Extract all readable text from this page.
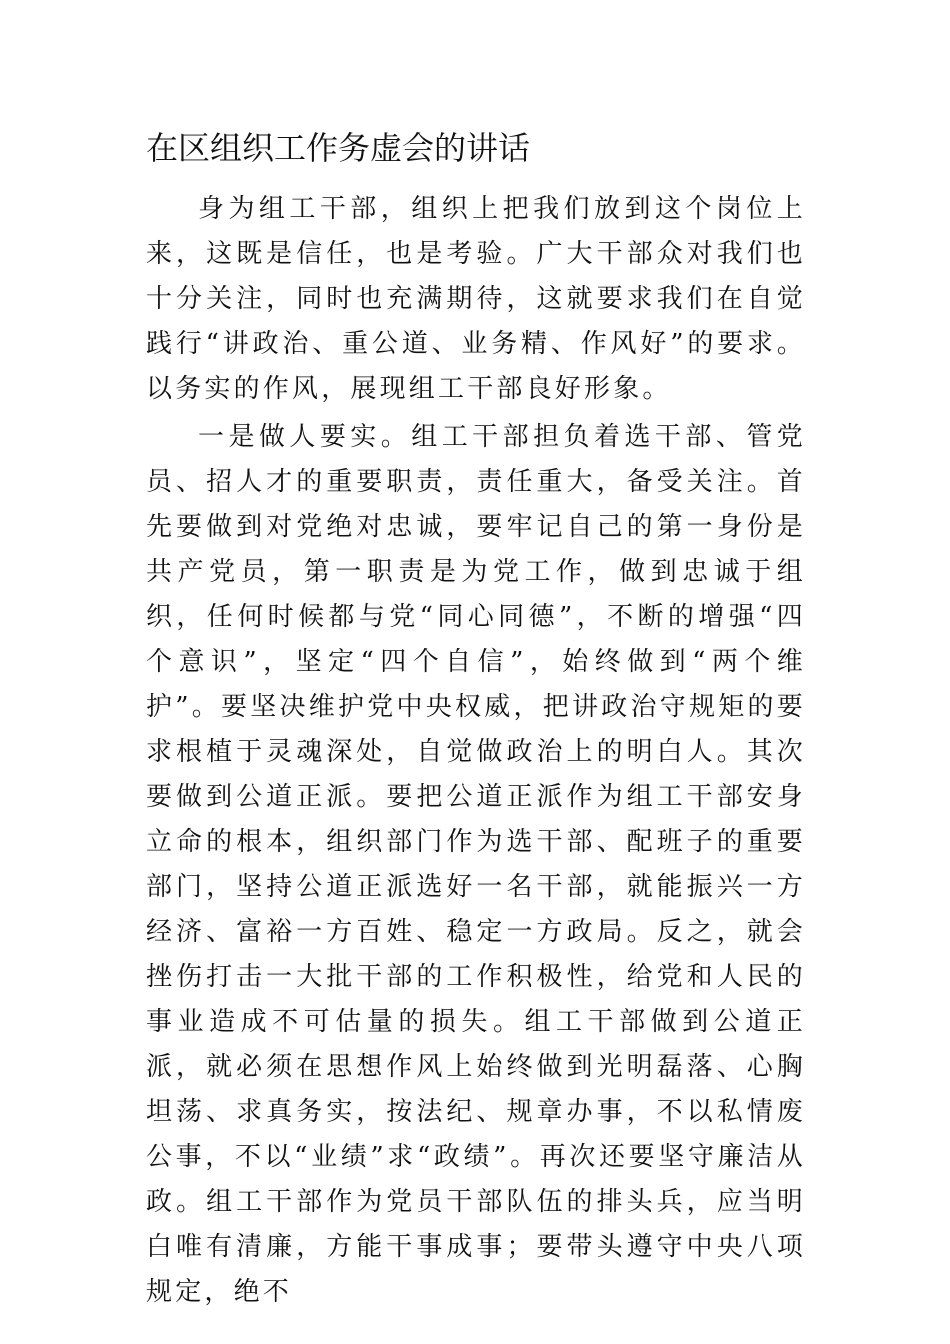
在区组织工作务虚会的讲话

身为组工干部，组织上把我们放到这个岗位上来，这既是信任，也是考验。广大干部众对我们也十分关注，同时也充满期待，这就要求我们在自觉践行“讲政治、重公道、业务精、作风好”的要求。以务实的作风，展现组工干部良好形象。

一是做人要实。组工干部担负着选干部、管党员、招人才的重要职责，责任重大，备受关注。首先要做到对党绝对忠诚，要牢记自己的第一身份是共产党员，第一职责是为党工作，做到忠诚于组织，任何时候都与党“同心同德”，不断的增强“四个意识”，坚定“四个自信”，始终做到“两个维护”。要坚决维护党中央权威，把讲政治守规矩的要求根植于灵魂深处，自觉做政治上的明白人。其次要做到公道正派。要把公道正派作为组工干部安身立命的根本，组织部门作为选干部、配班子的重要部门，坚持公道正派选好一名干部，就能振兴一方经济、富裕一方百姓、稳定一方政局。反之，就会挫伤打击一大批干部的工作积极性，给党和人民的事业造成不可估量的损失。组工干部做到公道正派，就必须在思想作风上始终做到光明磊落、心胸坦荡、求真务实，按法纪、规章办事，不以私情废公事，不以“业绩”求“政绩”。再次还要坚守廉洁从政。组工干部作为党员干部队伍的排头兵，应当明白唯有清廉，方能干事成事；要带头遵守中央八项规定，绝不
